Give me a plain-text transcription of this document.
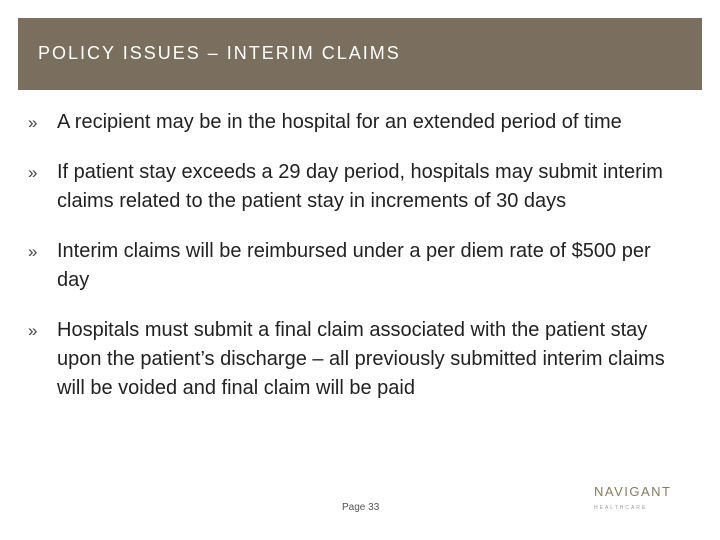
POLICY ISSUES – INTERIM CLAIMS
» A recipient may be in the hospital for an extended period of time
» If patient stay exceeds a 29 day period, hospitals may submit interim claims related to the patient stay in increments of 30 days
» Interim claims will be reimbursed under a per diem rate of $500 per day
» Hospitals must submit a final claim associated with the patient stay upon the patient’s discharge – all previously submitted interim claims will be voided and final claim will be paid
Page 33
NAVIGANT
HEALTHCARE
